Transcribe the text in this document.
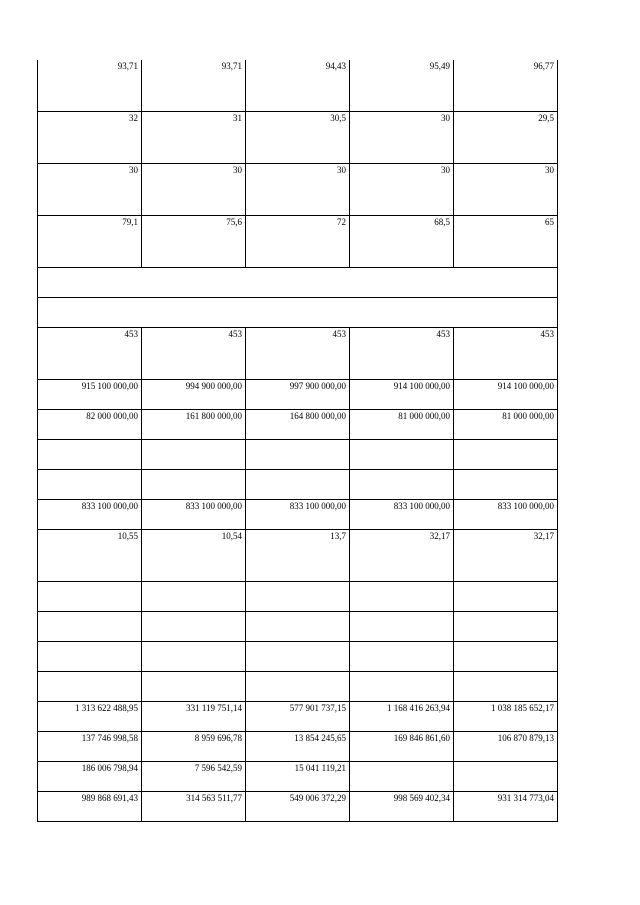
93,71	93,71	94,43	95,49	96,77
32	31	30,5	30	29,5
30	30	30	30	30
79,1	75,6	72	68,5	65

453	453	453	453	453
915 100 000,00	994 900 000,00	997 900 000,00	914 100 000,00	914 100 000,00
82 000 000,00	161 800 000,00	164 800 000,00	81 000 000,00	81 000 000,00

833 100 000,00	833 100 000,00	833 100 000,00	833 100 000,00	833 100 000,00
10,55	10,54	13,7	32,17	32,17

1 313 622 488,95	331 119 751,14	577 901 737,15	1 168 416 263,94	1 038 185 652,17
137 746 998,58	8 959 696,78	13 854 245,65	169 846 861,60	106 870 879,13
186 006 798,94	7 596 542,59	15 041 119,21		
989 868 691,43	314 563 511,77	549 006 372,29	998 569 402,34	931 314 773,04
